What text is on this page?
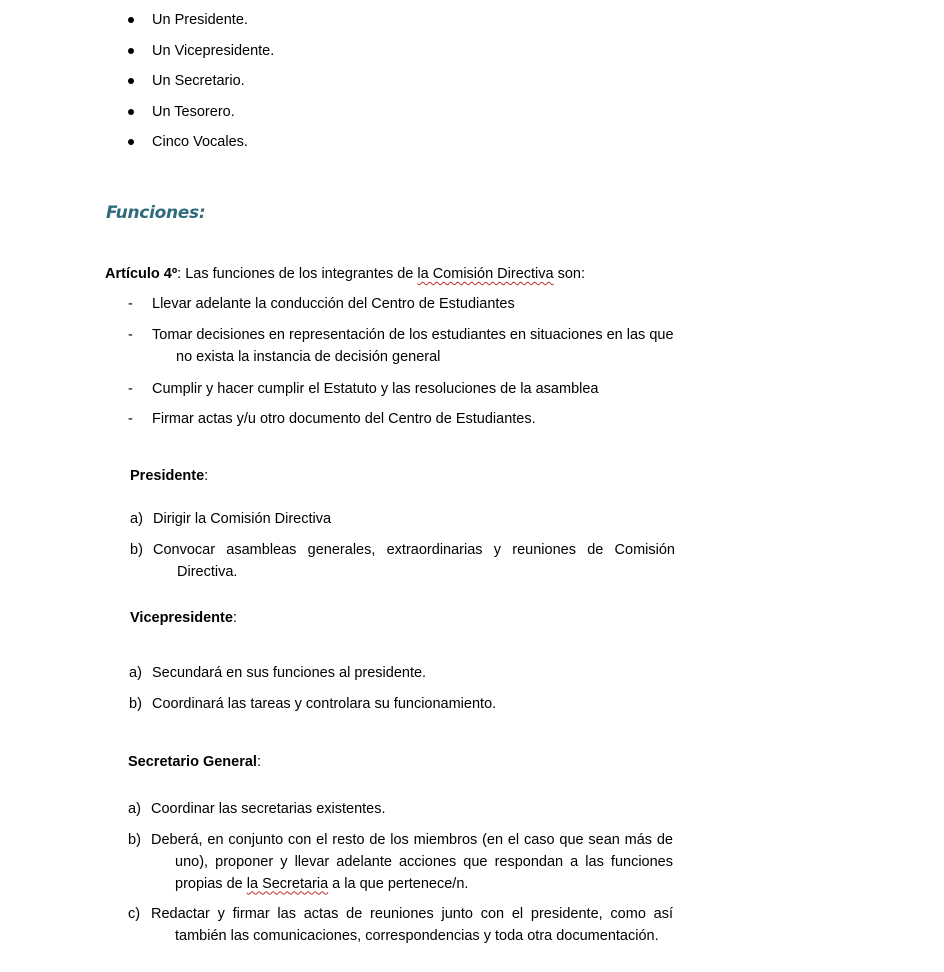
Un Presidente.
Un Vicepresidente.
Un Secretario.
Un Tesorero.
Cinco Vocales.
Funciones:
Artículo 4º: Las funciones de los integrantes de la Comisión Directiva son:
- Llevar adelante la conducción del Centro de Estudiantes
- Tomar decisiones en representación de los estudiantes en situaciones en las que
no exista la instancia de decisión general
- Cumplir y hacer cumplir el Estatuto y las resoluciones de la asamblea
- Firmar actas y/u otro documento del Centro de Estudiantes.
Presidente:
a) Dirigir la Comisión Directiva
b) Convocar asambleas generales, extraordinarias y reuniones de Comisión
Directiva.
Vicepresidente:
a) Secundará en sus funciones al presidente.
b) Coordinará las tareas y controlara su funcionamiento.
Secretario General:
a) Coordinar las secretarias existentes.
b) Deberá, en conjunto con el resto de los miembros (en el caso que sean más de
uno), proponer y llevar adelante acciones que respondan a las funciones
propias de la Secretaria a la que pertenece/n.
c) Redactar y firmar las actas de reuniones junto con el presidente, como así
también las comunicaciones, correspondencias y toda otra documentación.
